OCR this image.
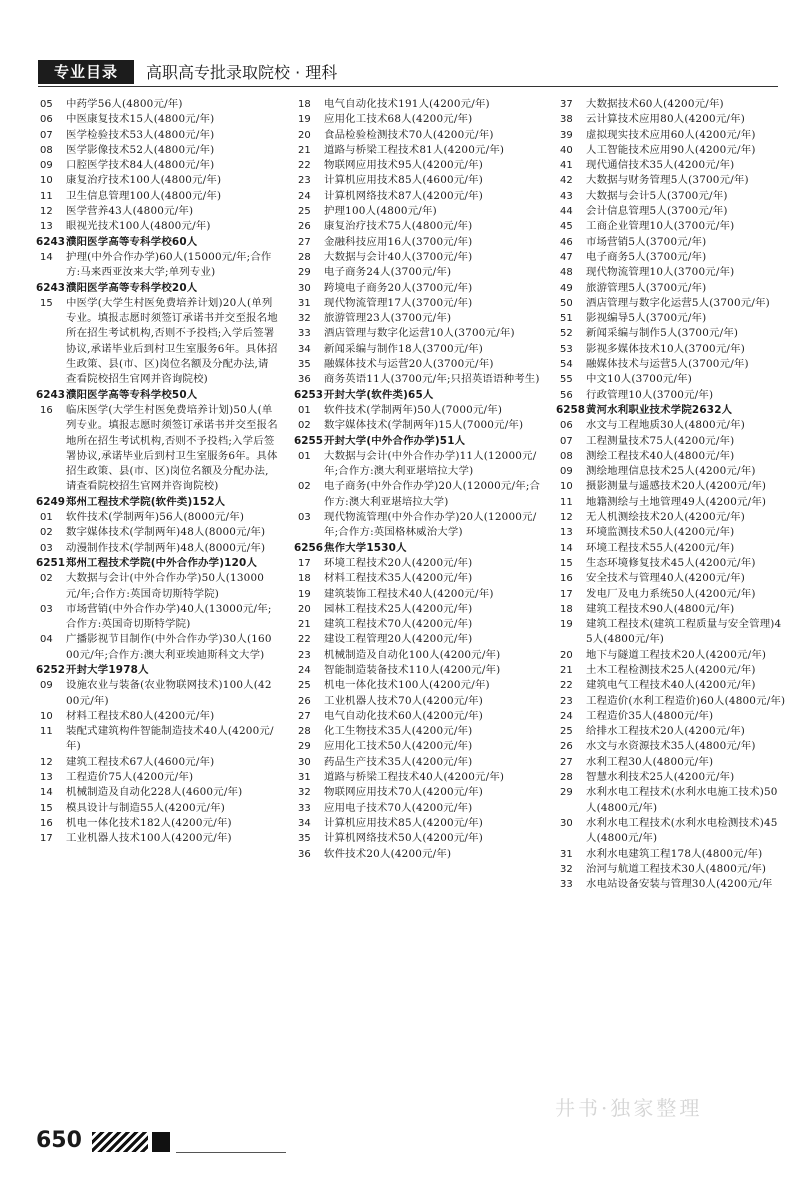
专业目录	高职高专批录取院校 · 理科
05	中药学56人(4800元/年)
06	中医康复技术15人(4800元/年)
07	医学检验技术53人(4800元/年)
08	医学影像技术52人(4800元/年)
09	口腔医学技术84人(4800元/年)
10	康复治疗技术100人(4800元/年)
11	卫生信息管理100人(4800元/年)
12	医学营养43人(4800元/年)
13	眼视光技术100人(4800元/年)
6243 濮阳医学高等专科学校60人
14	护理(中外合作办学)60人(15000元/年;合作方:马来西亚汝来大学;单列专业)
6243 濮阳医学高等专科学校20人
15	中医学(大学生村医免费培养计划)20人(单列专业。填报志愿时须签订承诺书并交至报名地所在招生考试机构,否则不予投档;入学后签署协议,承诺毕业后到村卫生室服务6年。具体招生政策、县(市、区)岗位名额及分配办法,请查看院校招生官网并咨询院校)
6243 濮阳医学高等专科学校50人
16	临床医学(大学生村医免费培养计划)50人(单列专业。填报志愿时须签订承诺书并交至报名地所在招生考试机构,否则不予投档;入学后签署协议,承诺毕业后到村卫生室服务6年。具体招生政策、县(市、区)岗位名额及分配办法,请查看院校招生官网并咨询院校)
6249 郑州工程技术学院(软件类)152人
01	软件技术(学制两年)56人(8000元/年)
02	数字媒体技术(学制两年)48人(8000元/年)
03	动漫制作技术(学制两年)48人(8000元/年)
6251 郑州工程技术学院(中外合作办学)120人
02	大数据与会计(中外合作办学)50人(13000元/年;合作方:英国奇切斯特学院)
03	市场营销(中外合作办学)40人(13000元/年;合作方:英国奇切斯特学院)
04	广播影视节目制作(中外合作办学)30人(16000元/年;合作方:澳大利亚埃迪斯科文大学)
6252 开封大学1978人
09	设施农业与装备(农业物联网技术)100人(4200元/年)
10	材料工程技术80人(4200元/年)
11	装配式建筑构件智能制造技术40人(4200元/年)
12	建筑工程技术67人(4600元/年)
13	工程造价75人(4200元/年)
14	机械制造及自动化228人(4600元/年)
15	模具设计与制造55人(4200元/年)
16	机电一体化技术182人(4200元/年)
17	工业机器人技术100人(4200元/年)
18	电气自动化技术191人(4200元/年)
19	应用化工技术68人(4200元/年)
20	食品检验检测技术70人(4200元/年)
21	道路与桥梁工程技术81人(4200元/年)
22	物联网应用技术95人(4200元/年)
23	计算机应用技术85人(4600元/年)
24	计算机网络技术87人(4200元/年)
25	护理100人(4800元/年)
26	康复治疗技术75人(4800元/年)
27	金融科技应用16人(3700元/年)
28	大数据与会计40人(3700元/年)
29	电子商务24人(3700元/年)
30	跨境电子商务20人(3700元/年)
31	现代物流管理17人(3700元/年)
32	旅游管理23人(3700元/年)
33	酒店管理与数字化运营10人(3700元/年)
34	新闻采编与制作18人(3700元/年)
35	融媒体技术与运营20人(3700元/年)
36	商务英语11人(3700元/年;只招英语语种考生)
6253 开封大学(软件类)65人
01	软件技术(学制两年)50人(7000元/年)
02	数字媒体技术(学制两年)15人(7000元/年)
6255 开封大学(中外合作办学)51人
01	大数据与会计(中外合作办学)11人(12000元/年;合作方:澳大利亚堪培拉大学)
02	电子商务(中外合作办学)20人(12000元/年;合作方:澳大利亚堪培拉大学)
03	现代物流管理(中外合作办学)20人(12000元/年;合作方:英国格林威治大学)
6256 焦作大学1530人
17	环境工程技术20人(4200元/年)
18	材料工程技术35人(4200元/年)
19	建筑装饰工程技术40人(4200元/年)
20	园林工程技术25人(4200元/年)
21	建筑工程技术70人(4200元/年)
22	建设工程管理20人(4200元/年)
23	机械制造及自动化100人(4200元/年)
24	智能制造装备技术110人(4200元/年)
25	机电一体化技术100人(4200元/年)
26	工业机器人技术70人(4200元/年)
27	电气自动化技术60人(4200元/年)
28	化工生物技术35人(4200元/年)
29	应用化工技术50人(4200元/年)
30	药品生产技术35人(4200元/年)
31	道路与桥梁工程技术40人(4200元/年)
32	物联网应用技术70人(4200元/年)
33	应用电子技术70人(4200元/年)
34	计算机应用技术85人(4200元/年)
35	计算机网络技术50人(4200元/年)
36	软件技术20人(4200元/年)
37	大数据技术60人(4200元/年)
38	云计算技术应用80人(4200元/年)
39	虚拟现实技术应用60人(4200元/年)
40	人工智能技术应用90人(4200元/年)
41	现代通信技术35人(4200元/年)
42	大数据与财务管理5人(3700元/年)
43	大数据与会计5人(3700元/年)
44	会计信息管理5人(3700元/年)
45	工商企业管理10人(3700元/年)
46	市场营销5人(3700元/年)
47	电子商务5人(3700元/年)
48	现代物流管理10人(3700元/年)
49	旅游管理5人(3700元/年)
50	酒店管理与数字化运营5人(3700元/年)
51	影视编导5人(3700元/年)
52	新闻采编与制作5人(3700元/年)
53	影视多媒体技术10人(3700元/年)
54	融媒体技术与运营5人(3700元/年)
55	中文10人(3700元/年)
56	行政管理10人(3700元/年)
6258 黄河水利职业技术学院2632人
06	水文与工程地质30人(4800元/年)
07	工程测量技术75人(4200元/年)
08	测绘工程技术40人(4800元/年)
09	测绘地理信息技术25人(4200元/年)
10	摄影测量与遥感技术20人(4200元/年)
11	地籍测绘与土地管理49人(4200元/年)
12	无人机测绘技术20人(4200元/年)
13	环境监测技术50人(4200元/年)
14	环境工程技术55人(4200元/年)
15	生态环境修复技术45人(4200元/年)
16	安全技术与管理40人(4200元/年)
17	发电厂及电力系统50人(4200元/年)
18	建筑工程技术90人(4800元/年)
19	建筑工程技术(建筑工程质量与安全管理)45人(4800元/年)
20	地下与隧道工程技术20人(4200元/年)
21	土木工程检测技术25人(4200元/年)
22	建筑电气工程技术40人(4200元/年)
23	工程造价(水利工程造价)60人(4800元/年)
24	工程造价35人(4800元/年)
25	给排水工程技术20人(4200元/年)
26	水文与水资源技术35人(4800元/年)
27	水利工程30人(4800元/年)
28	智慧水利技术25人(4200元/年)
29	水利水电工程技术(水利水电施工技术)50人(4800元/年)
30	水利水电工程技术(水利水电检测技术)45人(4800元/年)
31	水利水电建筑工程178人(4800元/年)
32	治河与航道工程技术30人(4800元/年)
33	水电站设备安装与管理30人(4200元/年
井书·独家整理
650
